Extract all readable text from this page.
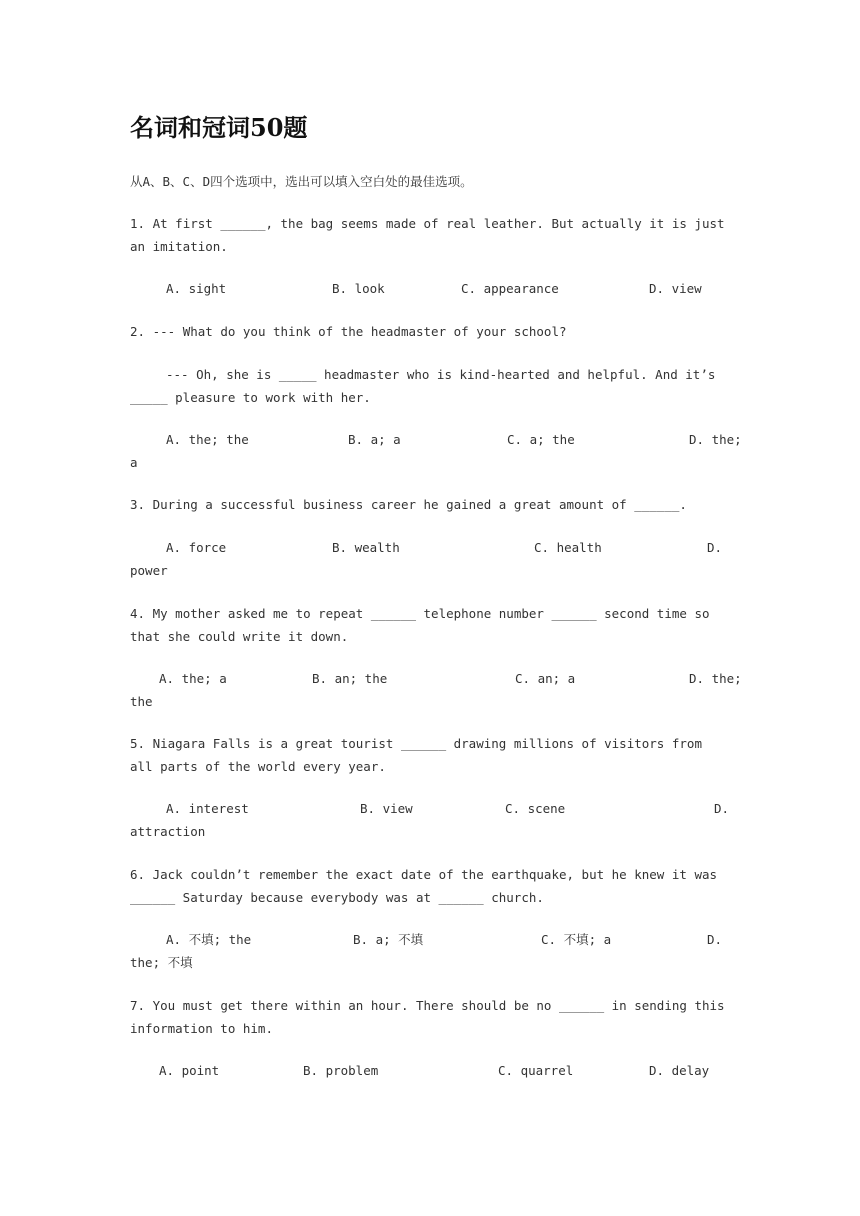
名词和冠词50题
从A、B、C、D四个选项中，选出可以填入空白处的最佳选项。
1. At first ______, the bag seems made of real leather. But actually it is just an imitation.
A. sight	B. look	C. appearance	D. view
2. --- What do you think of the headmaster of your school?
--- Oh, she is _____ headmaster who is kind-hearted and helpful. And it’s _____ pleasure to work with her.
A. the; the	B. a; a	C. a; the	D. the;
a
3. During a successful business career he gained a great amount of ______.
A. force	B. wealth	C. health	D.
power
4. My mother asked me to repeat ______ telephone number ______ second time so that she could write it down.
A. the; a	B. an; the	C. an; a	D. the;
the
5. Niagara Falls is a great tourist ______ drawing millions of visitors from all parts of the world every year.
A. interest	B. view	C. scene	D.
attraction
6. Jack couldn’t remember the exact date of the earthquake, but he knew it was ______ Saturday because everybody was at ______ church.
A. 不填; the	B. a; 不填	C. 不填; a	D.
the; 不填
7. You must get there within an hour. There should be no ______ in sending this information to him.
A. point	B. problem	C. quarrel	D. delay
